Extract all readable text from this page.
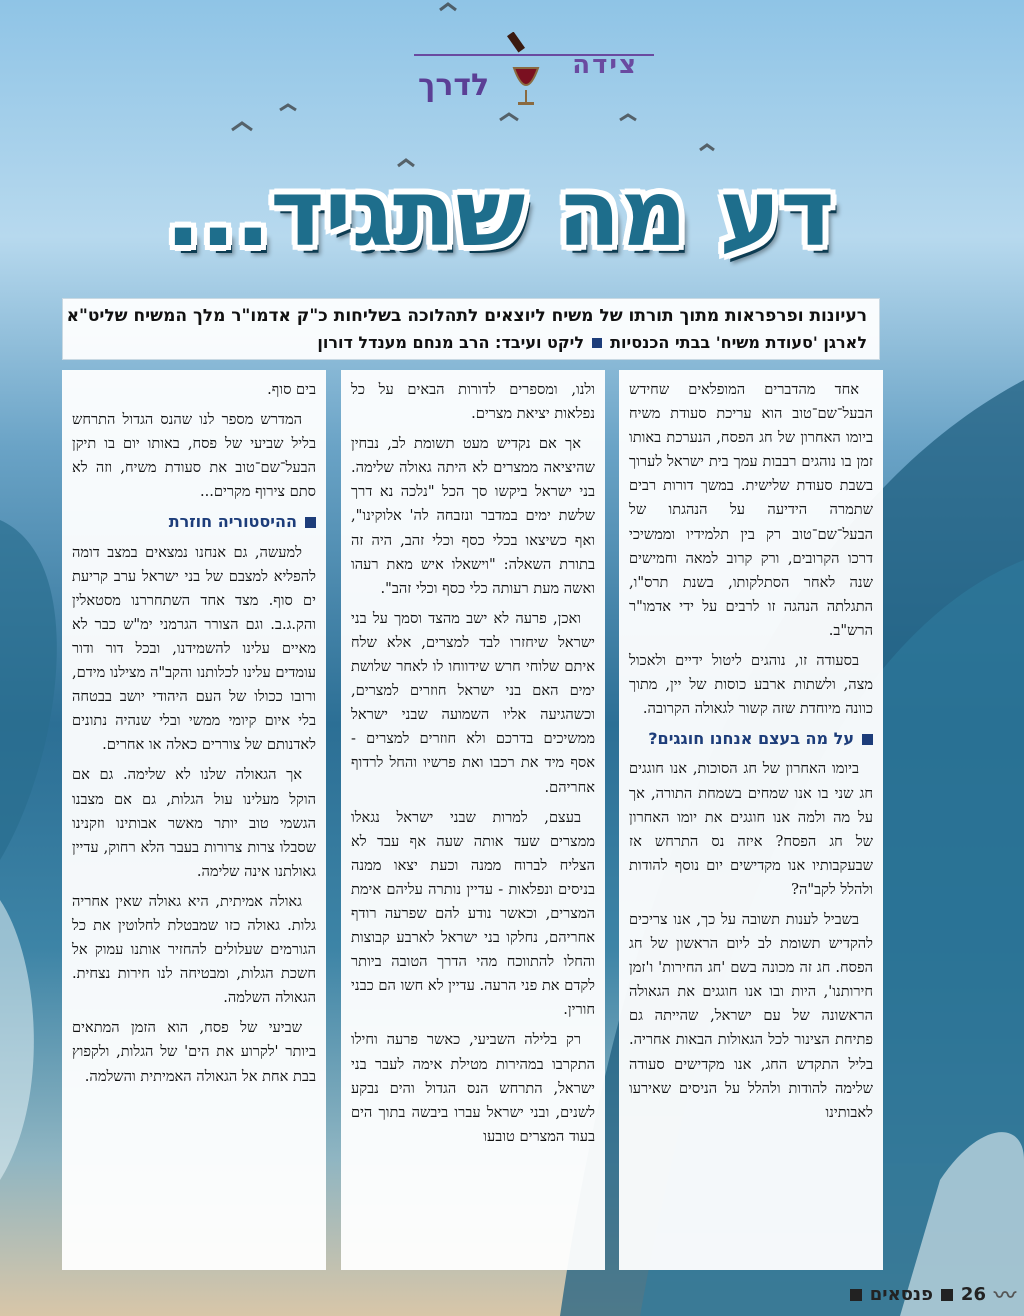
צידה
לדרך
דע מה שתגיד...
רעיונות ופרפראות מתוך תורתו של משיח ליוצאים לתהלוכה בשליחות כ"ק אדמו"ר מלך המשיח שליט"א
לארגן 'סעודת משיח' בבתי הכנסיותליקט ועיבד: הרב מנחם מענדל דורון

אחד מהדברים המופלאים שחידש הבעל־שם־טוב הוא עריכת סעודת משיח ביומו האחרון של חג הפסח, הנערכת באותו זמן בו נוהגים רבבות עמך בית ישראל לערוך בשבת סעודת שלישית. במשך דורות רבים שתמרה הידיעה על הנהגתו של הבעל־שם־טוב רק בין תלמידיו וממשיכי דרכו הקרובים, ורק קרוב למאה וחמישים שנה לאחר הסתלקותו, בשנת תרס"ו, התגלתה הנהגה זו לרבים על ידי אדמו"ר הרש"ב.

בסעודה זו, נוהגים ליטול ידיים ולאכול מצה, ולשתות ארבע כוסות של יין, מתוך כוונה מיוחדת שזה קשור לגאולה הקרובה.

על מה בעצם אנחנו חוגגים?

ביומו האחרון של חג הסוכות, אנו חוגגים חג שני בו אנו שמחים בשמחת התורה, אך על מה ולמה אנו חוגגים את יומו האחרון של חג הפסח? איזה נס התרחש אז שבעקבותיו אנו מקדישים יום נוסף להודות ולהלל לקב"ה?

בשביל לענות תשובה על כך, אנו צריכים להקדיש תשומת לב ליום הראשון של חג הפסח. חג זה מכונה בשם 'חג החירות' ו'זמן חירותנו', היות ובו אנו חוגגים את הגאולה הראשונה של עם ישראל, שהייתה גם פתיחת הצינור לכל הגאולות הבאות אחריה. בליל התקדש החג, אנו מקדישים סעודה שלימה להודות ולהלל על הניסים שאירעו לאבותינו

ולנו, ומספרים לדורות הבאים על כל נפלאות יציאת מצרים.

אך אם נקדיש מעט תשומת לב, נבחין שהיציאה ממצרים לא היתה גאולה שלימה. בני ישראל ביקשו סך הכל "נלכה נא דרך שלשת ימים במדבר ונזבחה לה' אלוקינו", ואף כשיצאו בכלי כסף וכלי זהב, היה זה בתורת השאלה: "וישאלו איש מאת רעהו ואשה מעת רעותה כלי כסף וכלי זהב".

ואכן, פרעה לא ישב מהצד וסמך על בני ישראל שיחזרו לבד למצרים, אלא שלח איתם שלוחי חרש שידווחו לו לאחר שלושת ימים האם בני ישראל חוזרים למצרים, וכשהגיעה אליו השמועה שבני ישראל ממשיכים בדרכם ולא חוזרים למצרים - אסף מיד את רכבו ואת פרשיו והחל לרדוף אחריהם.

בעצם, למרות שבני ישראל נגאלו ממצרים שעד אותה שעה אף עבד לא הצליח לברוח ממנה וכעת יצאו ממנה בניסים ונפלאות - עדיין נותרה עליהם אימת המצרים, וכאשר נודע להם שפרעה רודף אחריהם, נחלקו בני ישראל לארבע קבוצות והחלו להתווכח מהי הדרך הטובה ביותר לקדם את פני הרעה. עדיין לא חשו הם כבני חורין.

רק בלילה השביעי, כאשר פרעה וחילו התקרבו במהירות מטילת אימה לעבר בני ישראל, התרחש הנס הגדול והים נבקע לשנים, ובני ישראל עברו ביבשה בתוך הים בעוד המצרים טובעו

בים סוף.

המדרש מספר לנו שהנס הגדול התרחש בליל שביעי של פסח, באותו יום בו תיקן הבעל־שם־טוב את סעודת משיח, וזה לא סתם צירוף מקרים...

ההיסטוריה חוזרת

למעשה, גם אנחנו נמצאים במצב דומה להפליא למצבם של בני ישראל ערב קריעת ים סוף. מצד אחד השתחררנו מסטאלין והק.ג.ב. וגם הצורר הגרמני ימ"ש כבר לא מאיים עלינו להשמידנו, ובכל דור ודור עומדים עלינו לכלותנו והקב"ה מצילנו מידם, ורובו ככולו של העם היהודי יושב בבטחה בלי איום קיומי ממשי ובלי שנהיה נתונים לאדנותם של צוררים כאלה או אחרים.

אך הגאולה שלנו לא שלימה. גם אם הוקל מעלינו עול הגלות, גם אם מצבנו הגשמי טוב יותר מאשר אבותינו וזקנינו שסבלו צרות צרורות בעבר הלא רחוק, עדיין גאולתנו אינה שלימה.

גאולה אמיתית, היא גאולה שאין אחריה גלות. גאולה כזו שמבטלת לחלוטין את כל הגורמים שעלולים להחזיר אותנו עמוק אל חשכת הגלות, ומבטיחה לנו חירות נצחית. הגאולה השלמה.

שביעי של פסח, הוא הזמן המתאים ביותר 'לקרוע את הים' של הגלות, ולקפוץ בבת אחת אל הגאולה האמיתית והשלמה.

〰
26
פנסאים
